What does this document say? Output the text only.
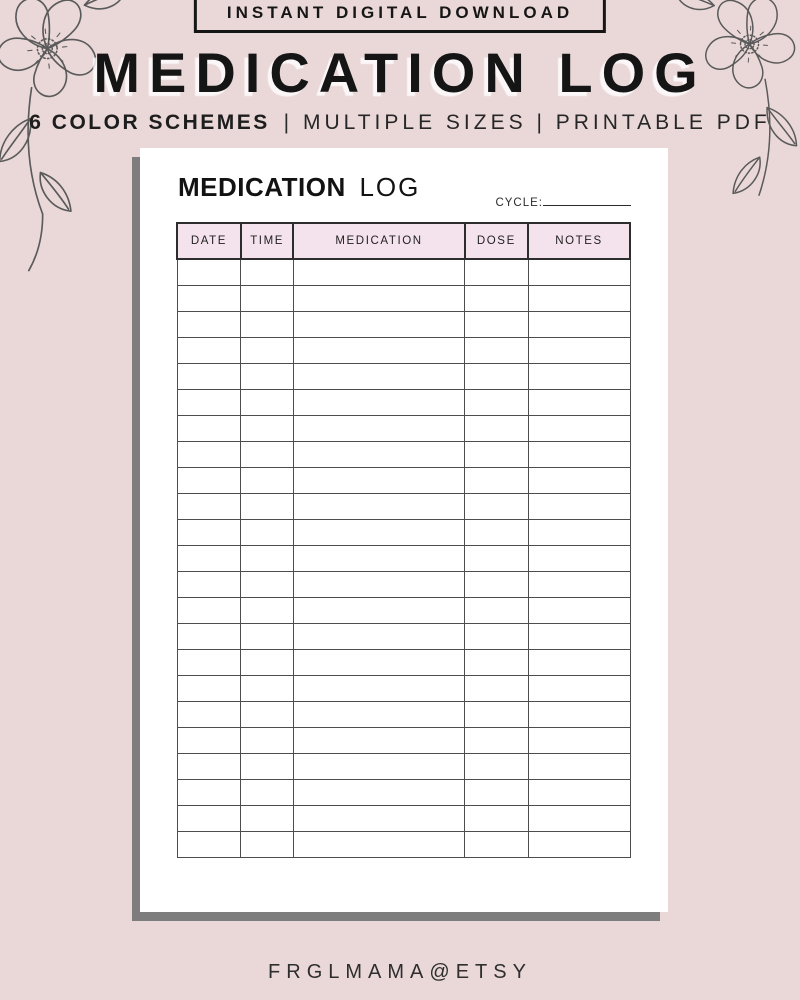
INSTANT DIGITAL DOWNLOAD
MEDICATION LOG
6 COLOR SCHEMES | MULTIPLE SIZES | PRINTABLE PDF
MEDICATION LOG
CYCLE:
DATE	TIME	MEDICATION	DOSE	NOTES

FRGLMAMA@ETSY
